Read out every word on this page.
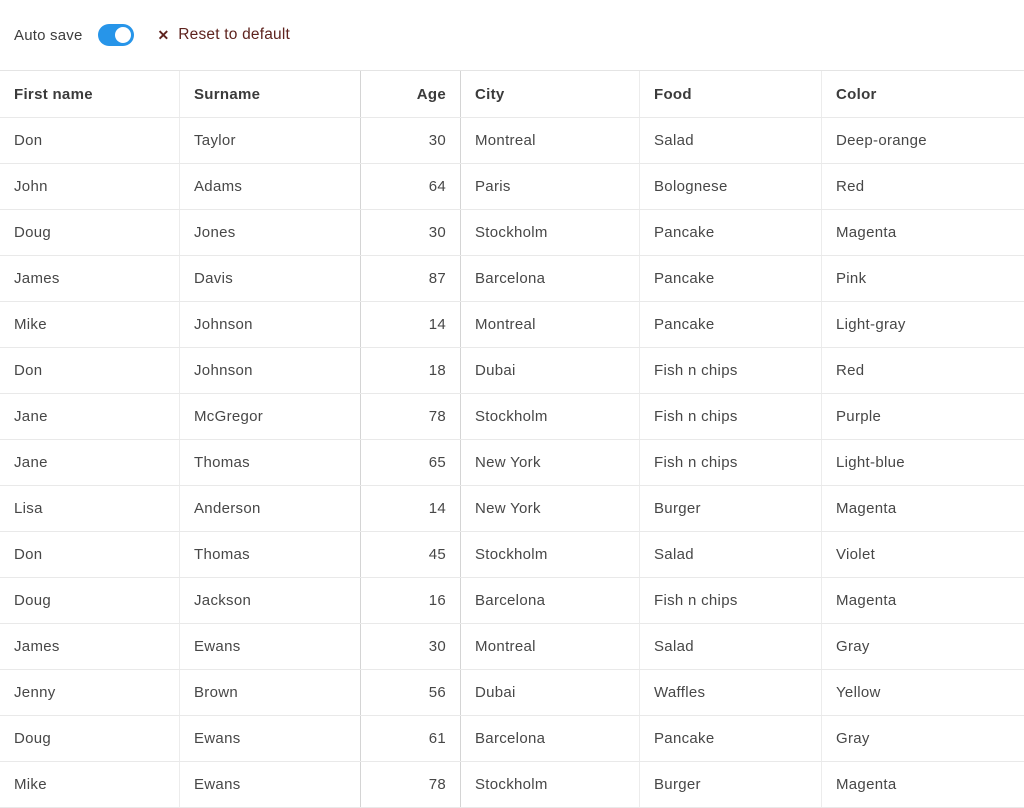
Auto save	✕ Reset to default
First name	Surname	Age	City	Food	Color
Don	Taylor	30	Montreal	Salad	Deep-orange
John	Adams	64	Paris	Bolognese	Red
Doug	Jones	30	Stockholm	Pancake	Magenta
James	Davis	87	Barcelona	Pancake	Pink
Mike	Johnson	14	Montreal	Pancake	Light-gray
Don	Johnson	18	Dubai	Fish n chips	Red
Jane	McGregor	78	Stockholm	Fish n chips	Purple
Jane	Thomas	65	New York	Fish n chips	Light-blue
Lisa	Anderson	14	New York	Burger	Magenta
Don	Thomas	45	Stockholm	Salad	Violet
Doug	Jackson	16	Barcelona	Fish n chips	Magenta
James	Ewans	30	Montreal	Salad	Gray
Jenny	Brown	56	Dubai	Waffles	Yellow
Doug	Ewans	61	Barcelona	Pancake	Gray
Mike	Ewans	78	Stockholm	Burger	Magenta
